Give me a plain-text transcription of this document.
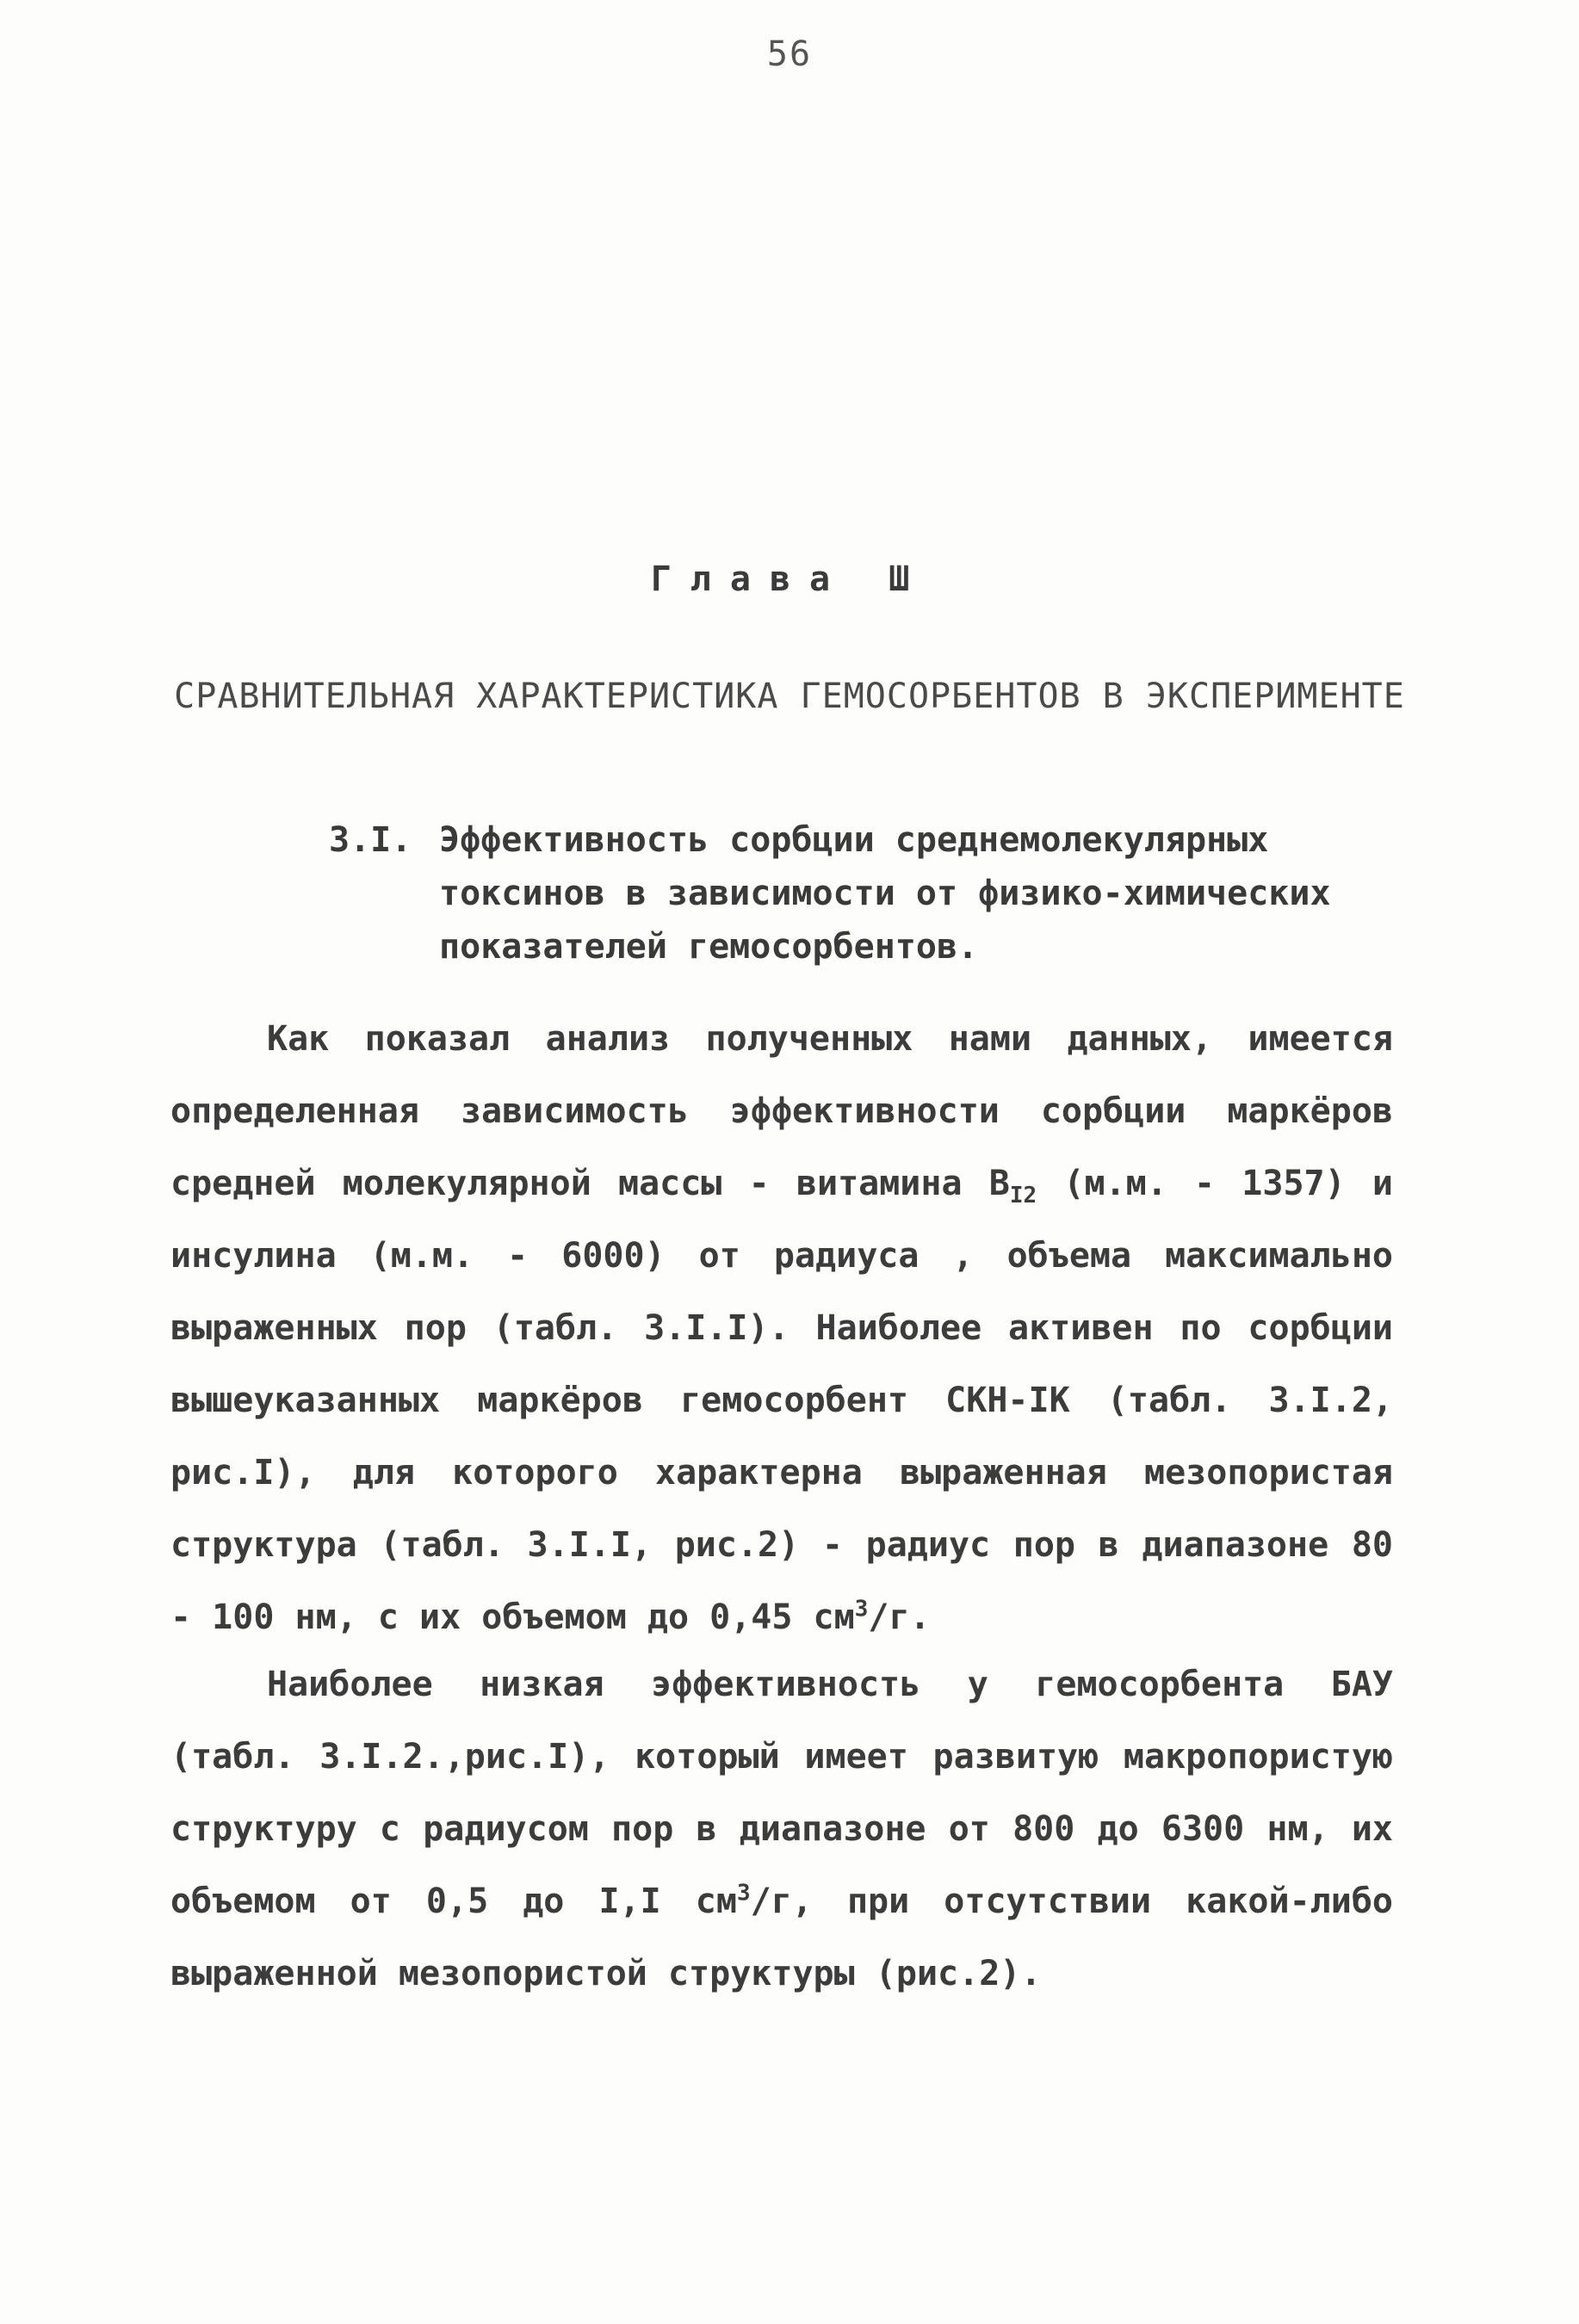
56
Глава Ш
СРАВНИТЕЛЬНАЯ ХАРАКТЕРИСТИКА ГЕМОСОРБЕНТОВ В ЭКСПЕРИМЕНТЕ
3.I. Эффективность сорбции среднемолекулярных токсинов в зависимости от физико-химических показателей гемосорбентов.

Как показал анализ полученных нами данных, имеется определенная зависимость эффективности сорбции маркёров средней молекулярной массы - витамина $B_{I2}$ (м.м. - 1357) и инсулина (м.м. - 6000) от радиуса , объема максимально выраженных пор (табл. 3.I.I). Наиболее активен по сорбции вышеуказанных маркёров гемосорбент СКН-IК (табл. 3.I.2, рис.I), для которого характерна выраженная мезопористая структура (табл. 3.I.I, рис.2) - радиус пор в диапазоне 80 - 100 нм, с их объемом до 0,45 $см^3/г$.

Наиболее низкая эффективность у гемосорбента БАУ (табл. 3.I.2.,рис.I), который имеет развитую макропористую структуру с радиусом пор в диапазоне от 800 до 6300 нм, их объемом от 0,5 до I,I $см^3/г$, при отсутствии какой-либо выраженной мезопористой структуры (рис.2).
